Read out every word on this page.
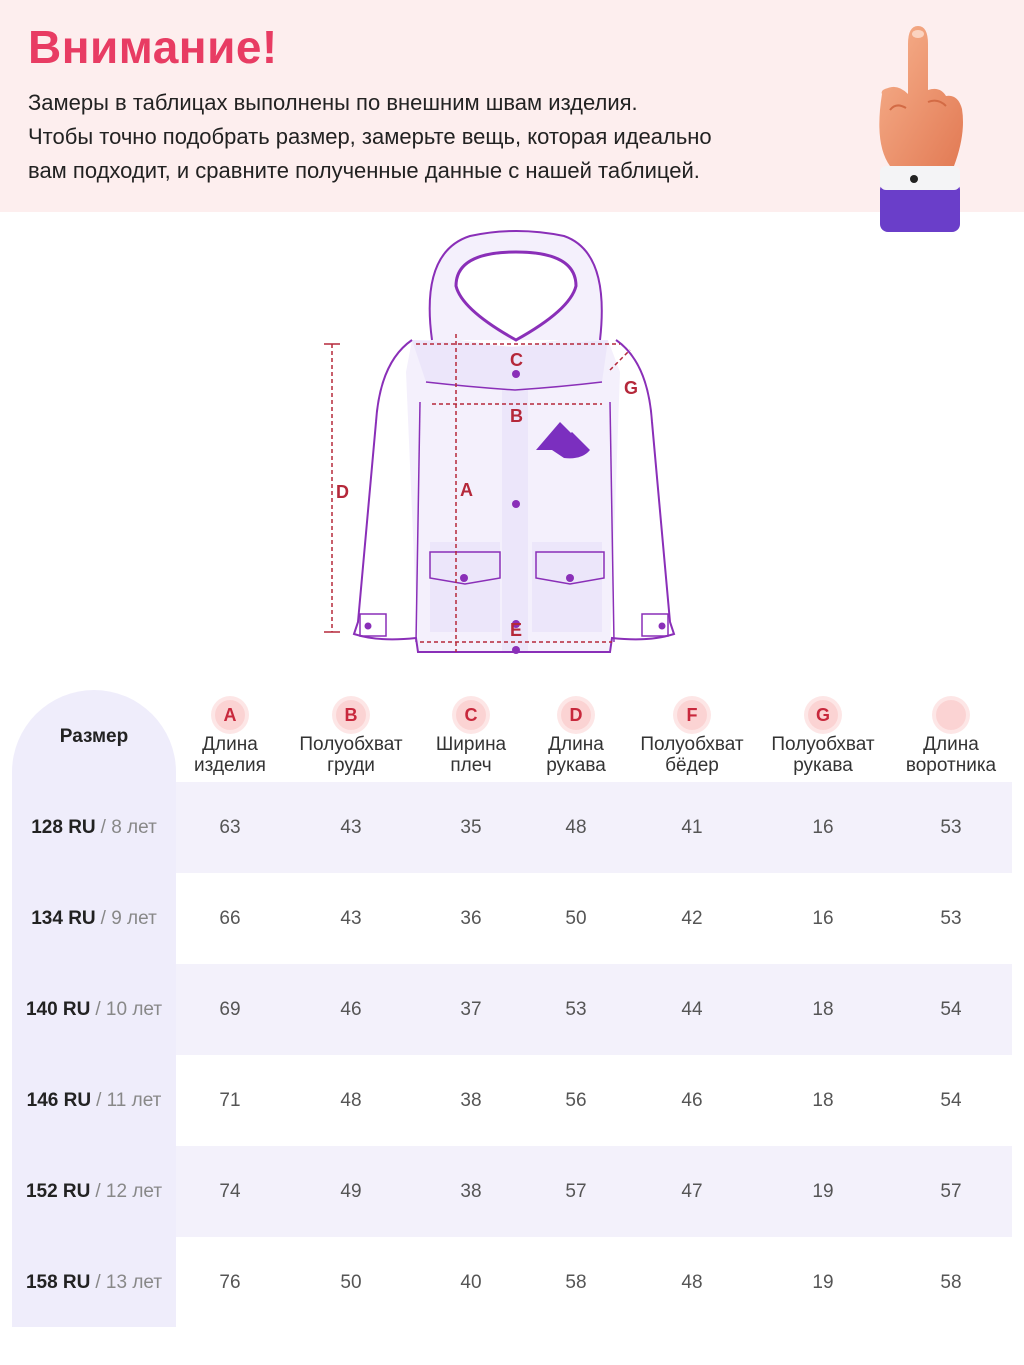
Внимание!
Замеры в таблицах выполнены по внешним швам изделия.
Чтобы точно подобрать размер, замерьте вещь, которая идеально
вам подходит, и сравните полученные данные с нашей таблицей.
C
B
A
D
E
G
Размер
A
Длина
изделия
B
Полуобхват
груди
C
Ширина
плеч
D
Длина
рукава
F
Полуобхват
бёдер
G
Полуобхват
рукава
Длина
воротника
128 RU / 8 лет	63	43	35	48	41	16	53
134 RU / 9 лет	66	43	36	50	42	16	53
140 RU / 10 лет	69	46	37	53	44	18	54
146 RU / 11 лет	71	48	38	56	46	18	54
152 RU / 12 лет	74	49	38	57	47	19	57
158 RU / 13 лет	76	50	40	58	48	19	58
